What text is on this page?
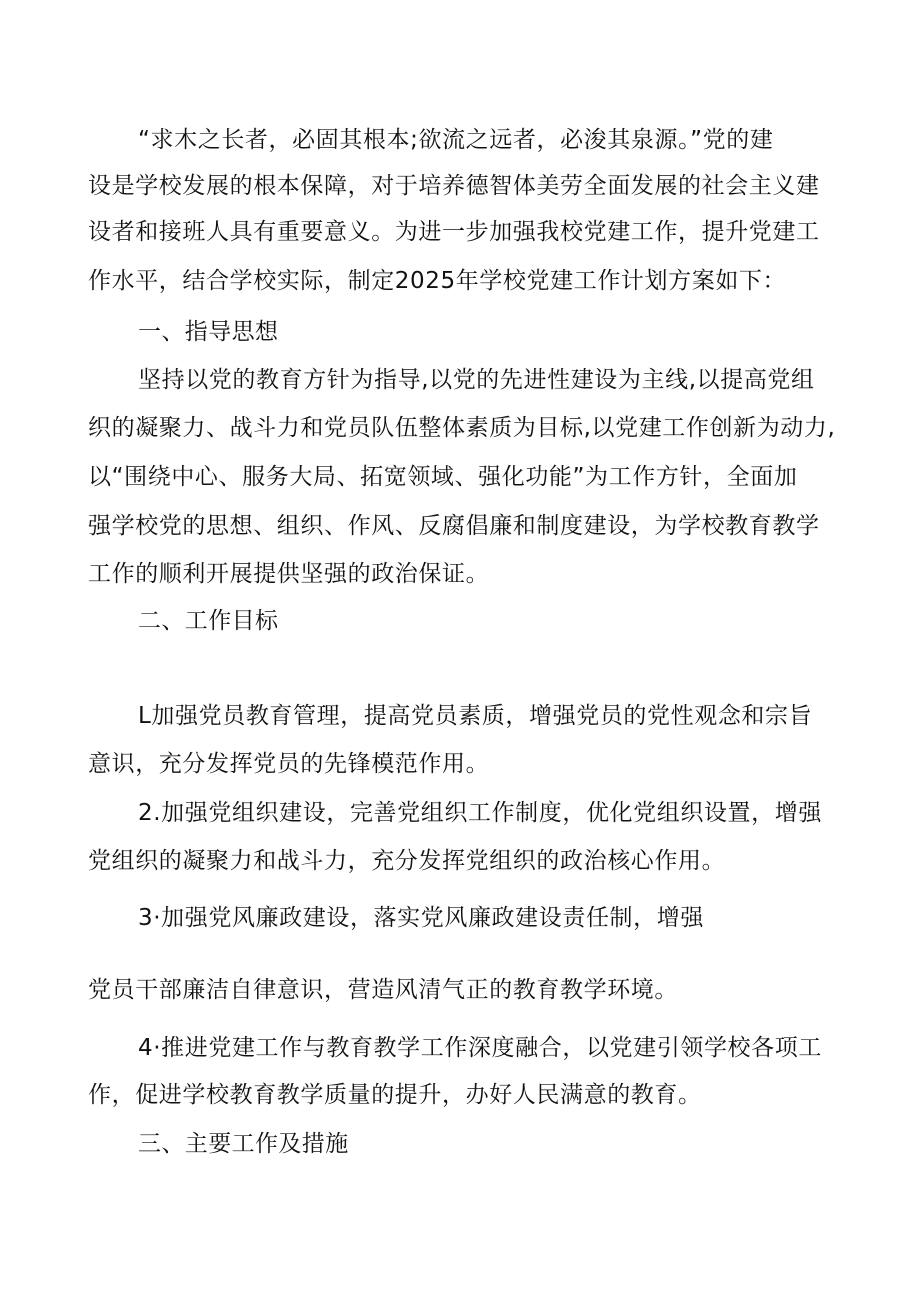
“求木之长者，必固其根本;欲流之远者，必浚其泉源。”党的建
设是学校发展的根本保障，对于培养德智体美劳全面发展的社会主义建
设者和接班人具有重要意义。为进一步加强我校党建工作，提升党建工
作水平，结合学校实际，制定2025年学校党建工作计划方案如下：
一、指导思想
坚持以党的教育方针为指导,以党的先进性建设为主线,以提高党组
织的凝聚力、战斗力和党员队伍整体素质为目标,以党建工作创新为动力,
以“围绕中心、服务大局、拓宽领域、强化功能”为工作方针，全面加
强学校党的思想、组织、作风、反腐倡廉和制度建设，为学校教育教学
工作的顺利开展提供坚强的政治保证。
二、工作目标
L加强党员教育管理，提高党员素质，增强党员的党性观念和宗旨
意识，充分发挥党员的先锋模范作用。
2.加强党组织建设，完善党组织工作制度，优化党组织设置，增强
党组织的凝聚力和战斗力，充分发挥党组织的政治核心作用。
3·加强党风廉政建设，落实党风廉政建设责任制，增强
党员干部廉洁自律意识，营造风清气正的教育教学环境。
4·推进党建工作与教育教学工作深度融合，以党建引领学校各项工
作，促进学校教育教学质量的提升，办好人民满意的教育。
三、主要工作及措施
